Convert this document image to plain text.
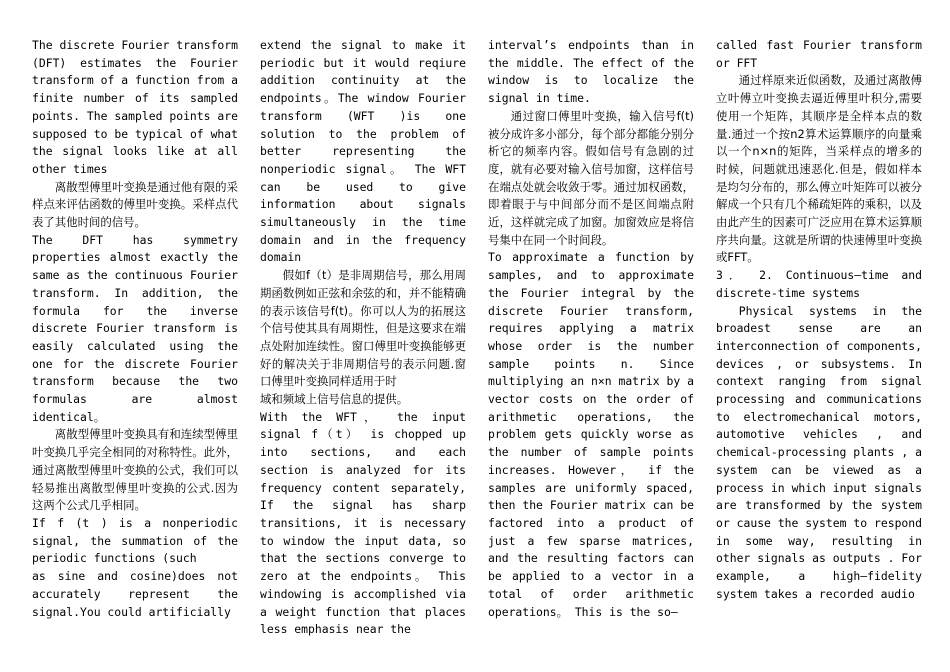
The discrete Fourier transform (DFT) estimates the Fourier transform of a function from a finite number of its sampled points. The sampled points are supposed to be typical of what the signal looks like at all other times

离散型傅里叶变换是通过他有限的采样点来评估函数的傅里叶变换。采样点代表了其他时间的信号。

The DFT has symmetry properties almost exactly the same as the continuous Fourier transform. In addition, the formula for the inverse discrete Fourier transform is easily calculated using the one for the discrete Fourier transform because the two formulas are almost identical。

离散型傅里叶变换具有和连续型傅里叶变换几乎完全相同的对称特性。此外，通过离散型傅里叶变换的公式，我们可以轻易推出离散型傅里叶变换的公式.因为这两个公式几乎相同。

If f (t ) is a nonperiodic signal, the summation of the periodic functions (such

as sine and cosine)does not accurately represent the signal.You could artificially

extend the signal to make it periodic but it would reqiure addition continuity at the endpoints。The window Fourier transform (WFT )is one solution to the problem of better representing the nonperiodic signal。 The WFT can be used to give information about signals simultaneously in the time domain and in the frequency domain

假如f（t）是非周期信号，那么用周期函数例如正弦和余弦的和，并不能精确的表示该信号f(t)。你可以人为的拓展这个信号使其具有周期性，但是这要求在端点处附加连续性。窗口傅里叶变换能够更好的解决关于非周期信号的表示问题.窗口傅里叶变换同样适用于时

域和频域上信号信息的提供。

With the WFT， the input signal f（t） is chopped up into sections, and each section is analyzed for its frequency content separately, If the signal has sharp transitions, it is necessary to window the input data, so that the sections converge to zero at the endpoints。 This windowing is accomplished via a weight function that places less emphasis near the

interval’s endpoints than in the middle. The effect of the window is to localize the signal in time.

通过窗口傅里叶变换，输入信号f(t)被分成许多小部分，每个部分都能分别分析它的频率内容。假如信号有急剧的过度，就有必要对输入信号加窗，这样信号在端点处就会收敛于零。通过加权函数，即着眼于与中间部分而不是区间端点附近，这样就完成了加窗。加窗效应是将信号集中在同一个时间段。

To approximate a function by samples, and to approximate the Fourier integral by the discrete Fourier transform, requires applying a matrix whose order is the number sample points n. Since multiplying an n×n matrix by a vector costs on the order of arithmetic operations, the problem gets quickly worse as the number of sample points increases. However， if the samples are uniformly spaced, then the Fourier matrix can be factored into a product of just a few sparse matrices, and the resulting factors can be applied to a vector in a total of order arithmetic operations。 This is the so—

called fast Fourier transform or FFT

通过样原来近似函数，及通过离散傅立叶傅立叶变换去逼近傅里叶积分,需要使用一个矩阵，其顺序是全样本点的数量.通过一个按n2算术运算顺序的向量乘以一个n×n的矩阵，当采样点的增多的时候，问题就迅速恶化.但是，假如样本是均匀分布的，那么傅立叶矩阵可以被分解成一个只有几个稀疏矩阵的乘积，以及由此产生的因素可广泛应用在算术运算顺序共向量。这就是所谓的快速傅里叶变换或FFT。

3． 2. Continuous—time and discrete-time systems

Physical systems in the broadest sense are an interconnection of components, devices , or subsystems. In context ranging from signal processing and communications to electromechanical motors, automotive vehicles , and chemical-processing plants , a system can be viewed as a process in which input signals are transformed by the system or cause the system to respond in some way, resulting in other signals as outputs . For example, a high—fidelity system takes a recorded audio
